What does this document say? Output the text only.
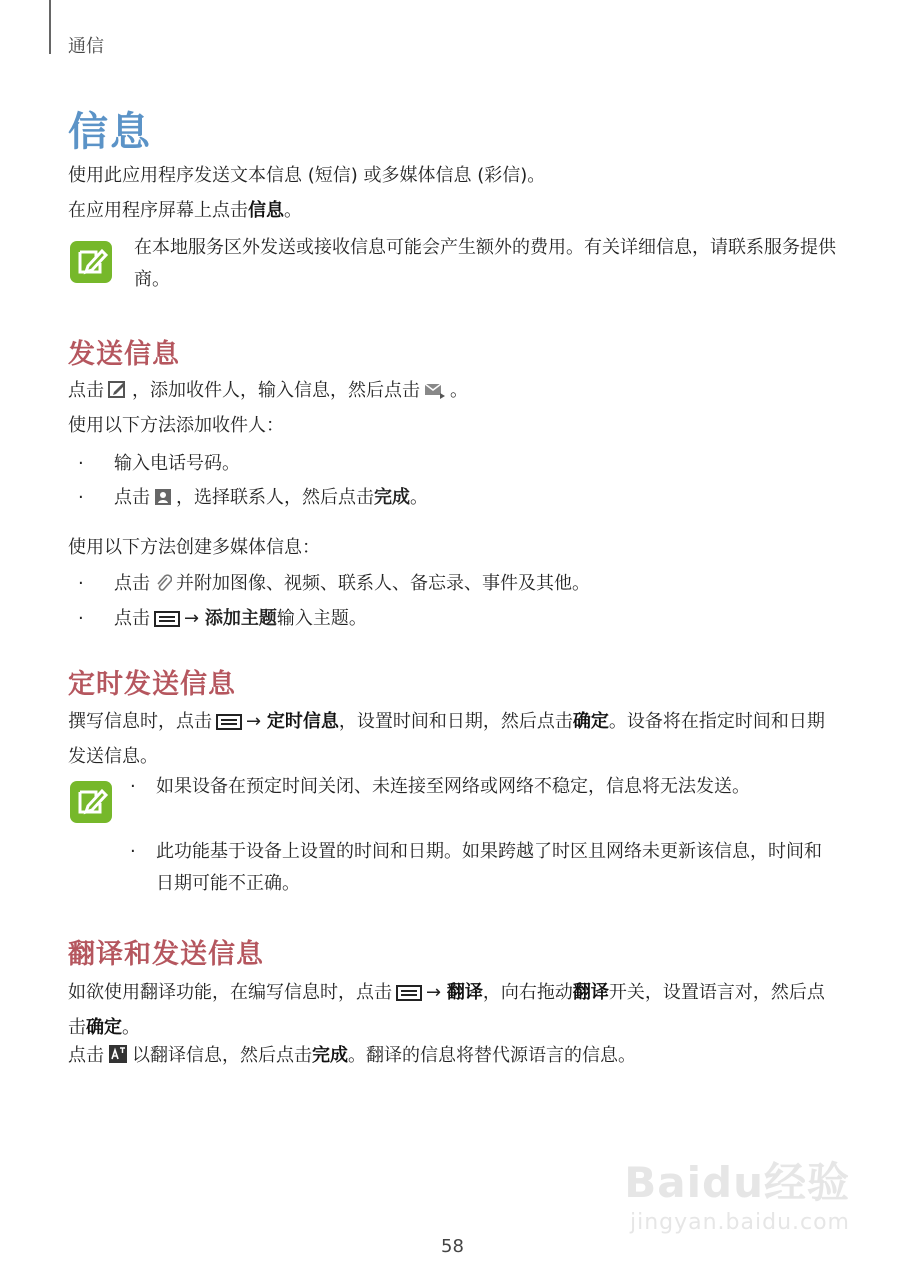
通信
信息
使用此应用程序发送文本信息 (短信) 或多媒体信息 (彩信)。
在应用程序屏幕上点击信息。
在本地服务区外发送或接收信息可能会产生额外的费用。有关详细信息，请联系服务提供商。
发送信息
点击 ，添加收件人，输入信息，然后点击 。
使用以下方法添加收件人：
· 输入电话号码。
· 点击 ，选择联系人，然后点击完成。
使用以下方法创建多媒体信息：
· 点击 并附加图像、视频、联系人、备忘录、事件及其他。
· 点击 → 添加主题输入主题。
定时发送信息
撰写信息时，点击 → 定时信息，设置时间和日期，然后点击确定。设备将在指定时间和日期发送信息。
· 如果设备在预定时间关闭、未连接至网络或网络不稳定，信息将无法发送。
· 此功能基于设备上设置的时间和日期。如果跨越了时区且网络未更新该信息，时间和日期可能不正确。
翻译和发送信息
如欲使用翻译功能，在编写信息时，点击 → 翻译，向右拖动翻译开关，设置语言对，然后点击确定。
点击 以翻译信息，然后点击完成。翻译的信息将替代源语言的信息。
Baidu经验
jingyan.baidu.com
58
